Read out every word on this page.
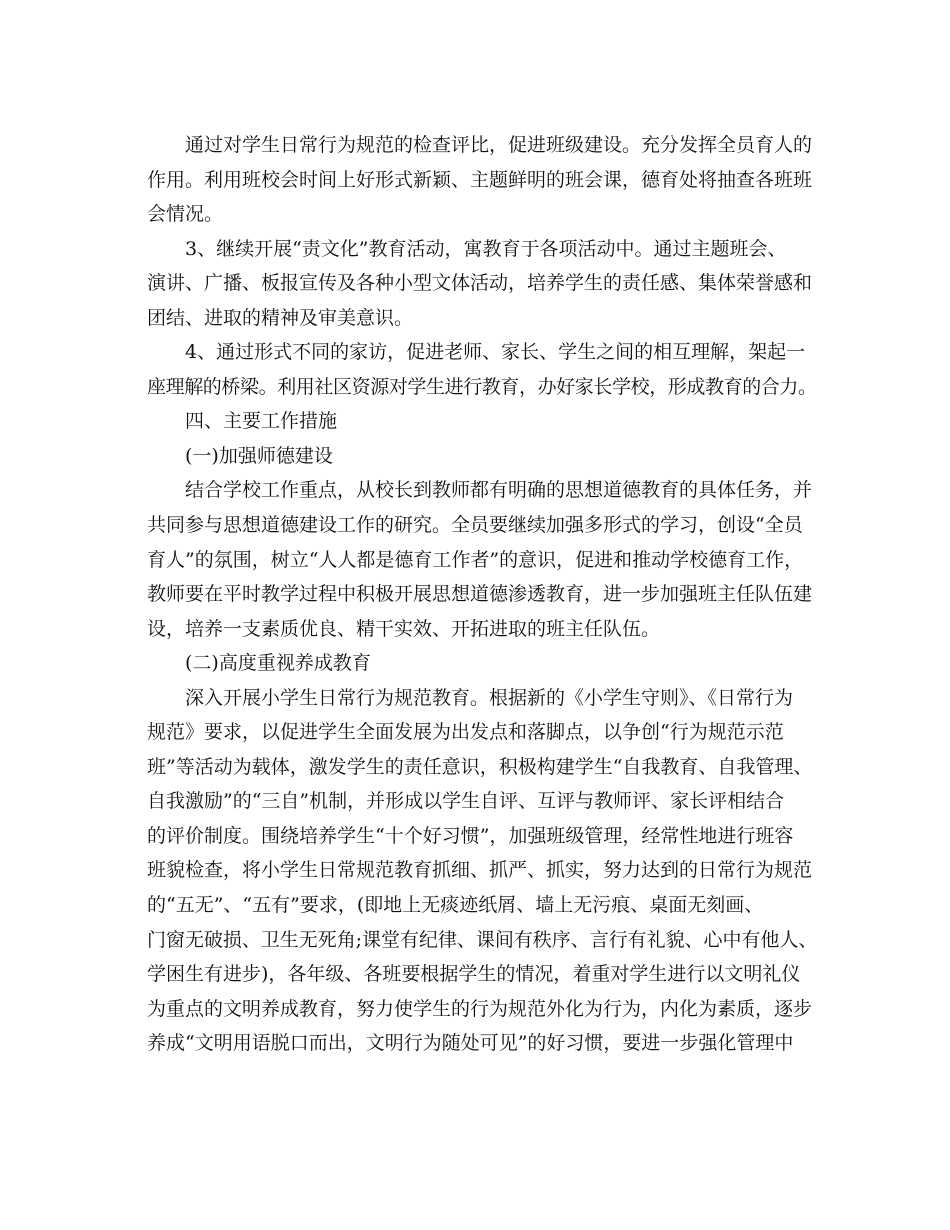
通过对学生日常行为规范的检查评比，促进班级建设。充分发挥全员育人的
作用。利用班校会时间上好形式新颖、主题鲜明的班会课，德育处将抽查各班班
会情况。
3、继续开展“责文化”教育活动，寓教育于各项活动中。通过主题班会、
演讲、广播、板报宣传及各种小型文体活动，培养学生的责任感、集体荣誉感和
团结、进取的精神及审美意识。
4、通过形式不同的家访，促进老师、家长、学生之间的相互理解，架起一
座理解的桥梁。利用社区资源对学生进行教育，办好家长学校，形成教育的合力。
四、主要工作措施
(一)加强师德建设
结合学校工作重点，从校长到教师都有明确的思想道德教育的具体任务，并
共同参与思想道德建设工作的研究。全员要继续加强多形式的学习，创设“全员
育人”的氛围，树立“人人都是德育工作者”的意识，促进和推动学校德育工作，
教师要在平时教学过程中积极开展思想道德渗透教育，进一步加强班主任队伍建
设，培养一支素质优良、精干实效、开拓进取的班主任队伍。
(二)高度重视养成教育
深入开展小学生日常行为规范教育。根据新的《小学生守则》、《日常行为
规范》要求，以促进学生全面发展为出发点和落脚点，以争创“行为规范示范
班”等活动为载体，激发学生的责任意识，积极构建学生“自我教育、自我管理、
自我激励”的“三自”机制，并形成以学生自评、互评与教师评、家长评相结合
的评价制度。围绕培养学生“十个好习惯”，加强班级管理，经常性地进行班容
班貌检查，将小学生日常规范教育抓细、抓严、抓实，努力达到的日常行为规范
的“五无”、“五有”要求，(即地上无痰迹纸屑、墙上无污痕、桌面无刻画、
门窗无破损、卫生无死角;课堂有纪律、课间有秩序、言行有礼貌、心中有他人、
学困生有进步)，各年级、各班要根据学生的情况，着重对学生进行以文明礼仪
为重点的文明养成教育，努力使学生的行为规范外化为行为，内化为素质，逐步
养成“文明用语脱口而出，文明行为随处可见”的好习惯，要进一步强化管理中
